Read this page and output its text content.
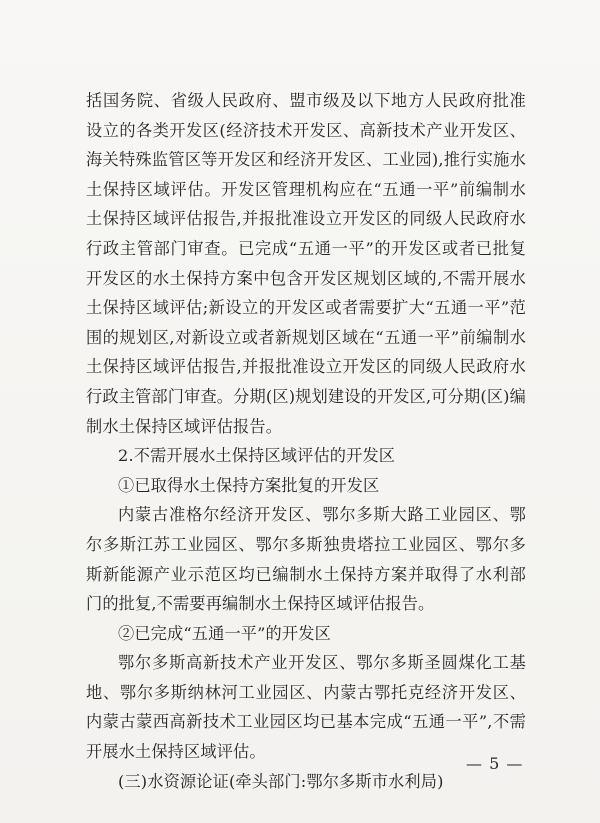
括国务院、省级人民政府、盟市级及以下地方人民政府批准设立的各类开发区(经济技术开发区、高新技术产业开发区、海关特殊监管区等开发区和经济开发区、工业园),推行实施水土保持区域评估。开发区管理机构应在“五通一平”前编制水土保持区域评估报告,并报批准设立开发区的同级人民政府水行政主管部门审查。已完成“五通一平”的开发区或者已批复开发区的水土保持方案中包含开发区规划区域的,不需开展水土保持区域评估;新设立的开发区或者需要扩大“五通一平”范围的规划区,对新设立或者新规划区域在“五通一平”前编制水土保持区域评估报告,并报批准设立开发区的同级人民政府水行政主管部门审查。分期(区)规划建设的开发区,可分期(区)编制水土保持区域评估报告。

2.不需开展水土保持区域评估的开发区

①已取得水土保持方案批复的开发区

内蒙古准格尔经济开发区、鄂尔多斯大路工业园区、鄂尔多斯江苏工业园区、鄂尔多斯独贵塔拉工业园区、鄂尔多斯新能源产业示范区均已编制水土保持方案并取得了水利部门的批复,不需要再编制水土保持区域评估报告。

②已完成“五通一平”的开发区

鄂尔多斯高新技术产业开发区、鄂尔多斯圣圆煤化工基地、鄂尔多斯纳林河工业园区、内蒙古鄂托克经济开发区、内蒙古蒙西高新技术工业园区均已基本完成“五通一平”,不需开展水土保持区域评估。

(三)水资源论证(牵头部门:鄂尔多斯市水利局)

— 5 —
